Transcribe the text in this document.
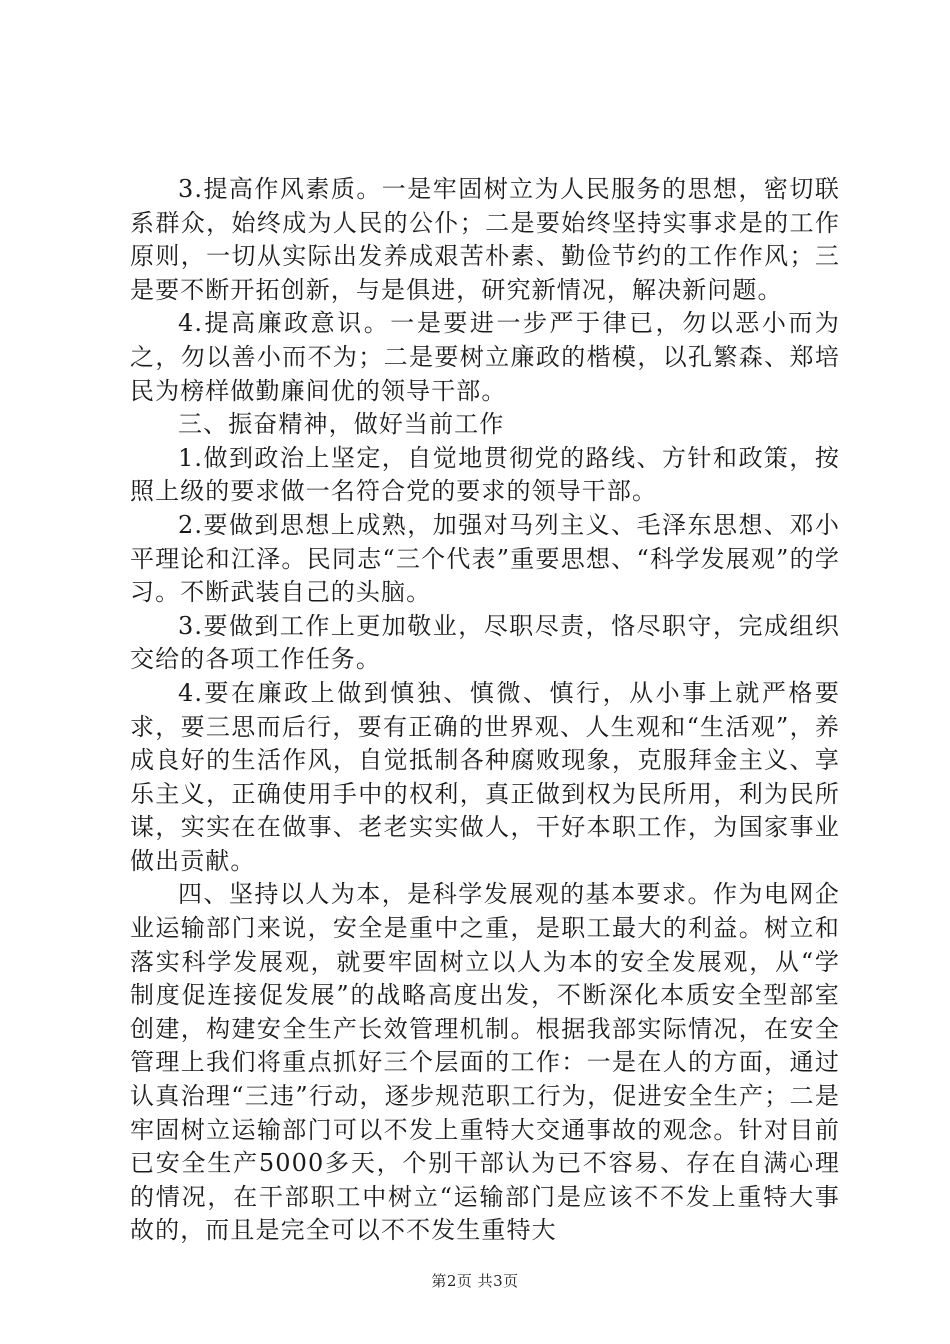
3.提高作风素质。一是牢固树立为人民服务的思想，密切联系群众，始终成为人民的公仆；二是要始终坚持实事求是的工作原则，一切从实际出发养成艰苦朴素、勤俭节约的工作作风；三是要不断开拓创新，与是俱进，研究新情况，解决新问题。

4.提高廉政意识。一是要进一步严于律已，勿以恶小而为之，勿以善小而不为；二是要树立廉政的楷模，以孔繁森、郑培民为榜样做勤廉间优的领导干部。

三、振奋精神，做好当前工作

1.做到政治上坚定，自觉地贯彻党的路线、方针和政策，按照上级的要求做一名符合党的要求的领导干部。

2.要做到思想上成熟，加强对马列主义、毛泽东思想、邓小平理论和江泽。民同志“三个代表”重要思想、“科学发展观”的学习。不断武装自己的头脑。

3.要做到工作上更加敬业，尽职尽责，恪尽职守，完成组织交给的各项工作任务。

4.要在廉政上做到慎独、慎微、慎行，从小事上就严格要求，要三思而后行，要有正确的世界观、人生观和“生活观”，养成良好的生活作风，自觉抵制各种腐败现象，克服拜金主义、享乐主义，正确使用手中的权利，真正做到权为民所用，利为民所谋，实实在在做事、老老实实做人，干好本职工作，为国家事业做出贡献。

四、坚持以人为本，是科学发展观的基本要求。作为电网企业运输部门来说，安全是重中之重，是职工最大的利益。树立和落实科学发展观，就要牢固树立以人为本的安全发展观，从“学制度促连接促发展”的战略高度出发，不断深化本质安全型部室创建，构建安全生产长效管理机制。根据我部实际情况，在安全管理上我们将重点抓好三个层面的工作：一是在人的方面，通过认真治理“三违”行动，逐步规范职工行为，促进安全生产；二是牢固树立运输部门可以不发上重特大交通事故的观念。针对目前已安全生产5000多天，个别干部认为已不容易、存在自满心理的情况，在干部职工中树立“运输部门是应该不不发上重特大事故的，而且是完全可以不不发生重特大

第2页 共3页
